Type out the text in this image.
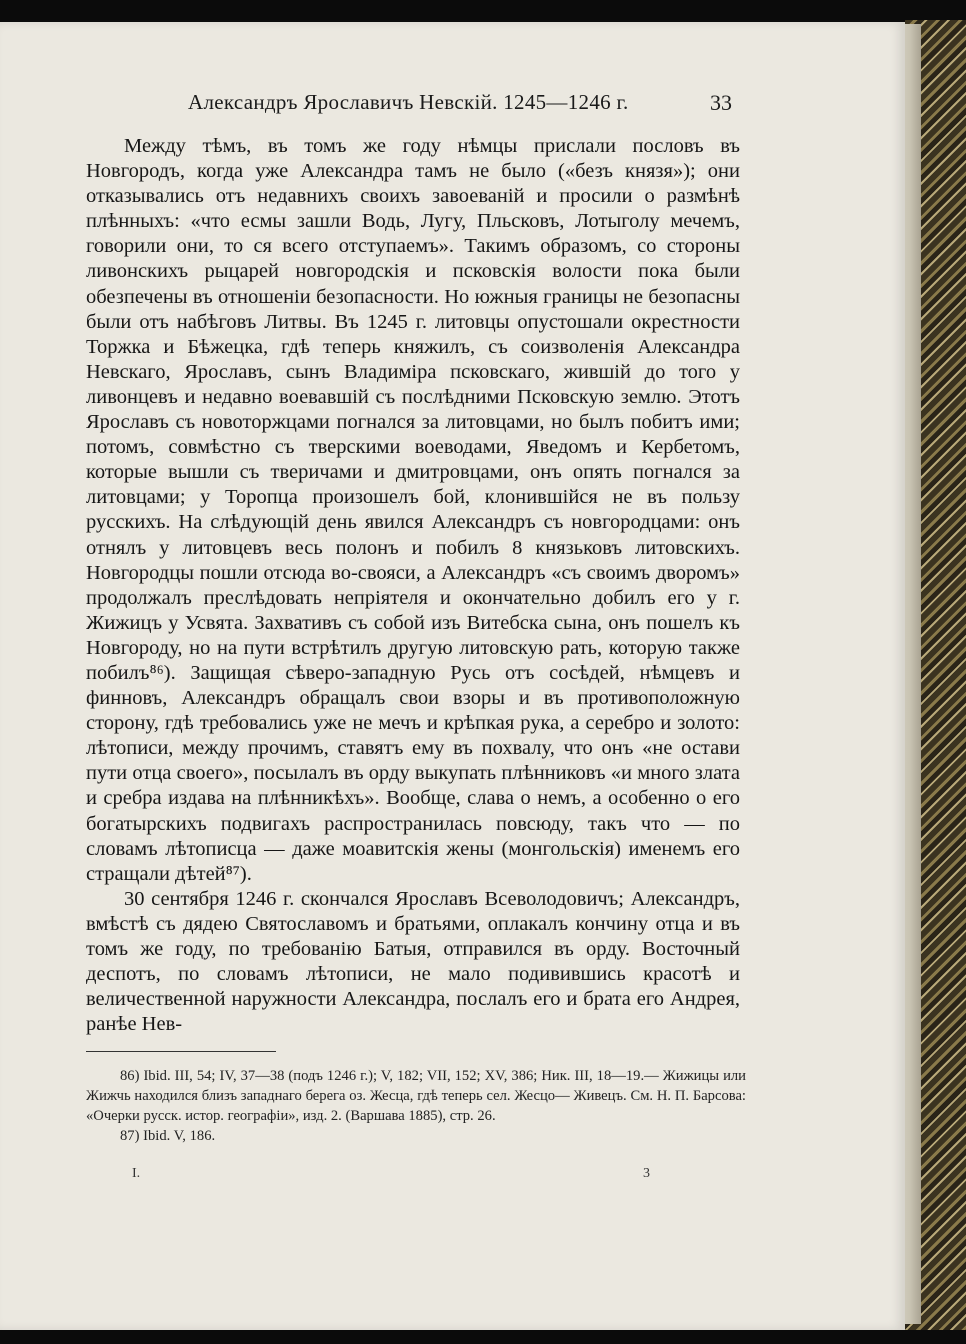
Александръ Ярославичъ Невскій. 1245—1246 г.	33

Между тѣмъ, въ томъ же году нѣмцы прислали пословъ въ Новгородъ, когда уже Александра тамъ не было («безъ князя»); они отказывались отъ недавнихъ своихъ завоеваній и просили о размѣнѣ плѣнныхъ: «что есмы зашли Водь, Лугу, Пльсковъ, Лотыголу мечемъ, говорили они, то ся всего отступаемъ». Такимъ образомъ, со стороны ливонскихъ рыцарей новгородскія и псковскія волости пока были обезпечены въ отношеніи безопасности. Но южныя границы не безопасны были отъ набѣговъ Литвы. Въ 1245 г. литовцы опустошали окрестности Торжка и Бѣжецка, гдѣ теперь княжилъ, съ соизволенія Александра Невскаго, Ярославъ, сынъ Владиміра псковскаго, жившій до того у ливонцевъ и недавно воевавшій съ послѣдними Псковскую землю. Этотъ Ярославъ съ новоторжцами погнался за литовцами, но былъ побитъ ими; потомъ, совмѣстно съ тверскими воеводами, Яведомъ и Кербетомъ, которые вышли съ тверичами и дмитровцами, онъ опять погнался за литовцами; у Торопца произошелъ бой, клонившійся не въ пользу русскихъ. На слѣдующій день явился Александръ съ новгородцами: онъ отнялъ у литовцевъ весь полонъ и побилъ 8 князьковъ литовскихъ. Новгородцы пошли отсюда во-свояси, а Александръ «съ своимъ дворомъ» продолжалъ преслѣдовать непріятеля и окончательно добилъ его у г. Жижицъ у Усвята. Захвативъ съ собой изъ Витебска сына, онъ пошелъ къ Новгороду, но на пути встрѣтилъ другую литовскую рать, которую также побилъ⁸⁶). Защищая сѣверо-западную Русь отъ сосѣдей, нѣмцевъ и финновъ, Александръ обращалъ свои взоры и въ противоположную сторону, гдѣ требовались уже не мечъ и крѣпкая рука, а серебро и золото: лѣтописи, между прочимъ, ставятъ ему въ похвалу, что онъ «не остави пути отца своего», посылалъ въ орду выкупать плѣнниковъ «и много злата и сребра издава на плѣнникѣхъ». Вообще, слава о немъ, а особенно о его богатырскихъ подвигахъ распространилась повсюду, такъ что — по словамъ лѣтописца — даже моавитскія жены (монгольскія) именемъ его стращали дѣтей⁸⁷).

30 сентября 1246 г. скончался Ярославъ Всеволодовичъ; Александръ, вмѣстѣ съ дядею Святославомъ и братьями, оплакалъ кончину отца и въ томъ же году, по требованію Батыя, отправился въ орду. Восточный деспотъ, по словамъ лѣтописи, не мало подивившись красотѣ и величественной наружности Александра, послалъ его и брата его Андрея, ранѣе Нев-

86) Ibid. III, 54; IV, 37—38 (подъ 1246 г.); V, 182; VII, 152; XV, 386; Ник. III, 18—19.— Жижицы или Жижчь находился близъ западнаго берега оз. Жесца, гдѣ теперь сел. Жесцо— Живецъ. См. Н. П. Барсова: «Очерки русск. истор. географіи», изд. 2. (Варшава 1885), стр. 26.
87) Ibid. V, 186.
I.	3
